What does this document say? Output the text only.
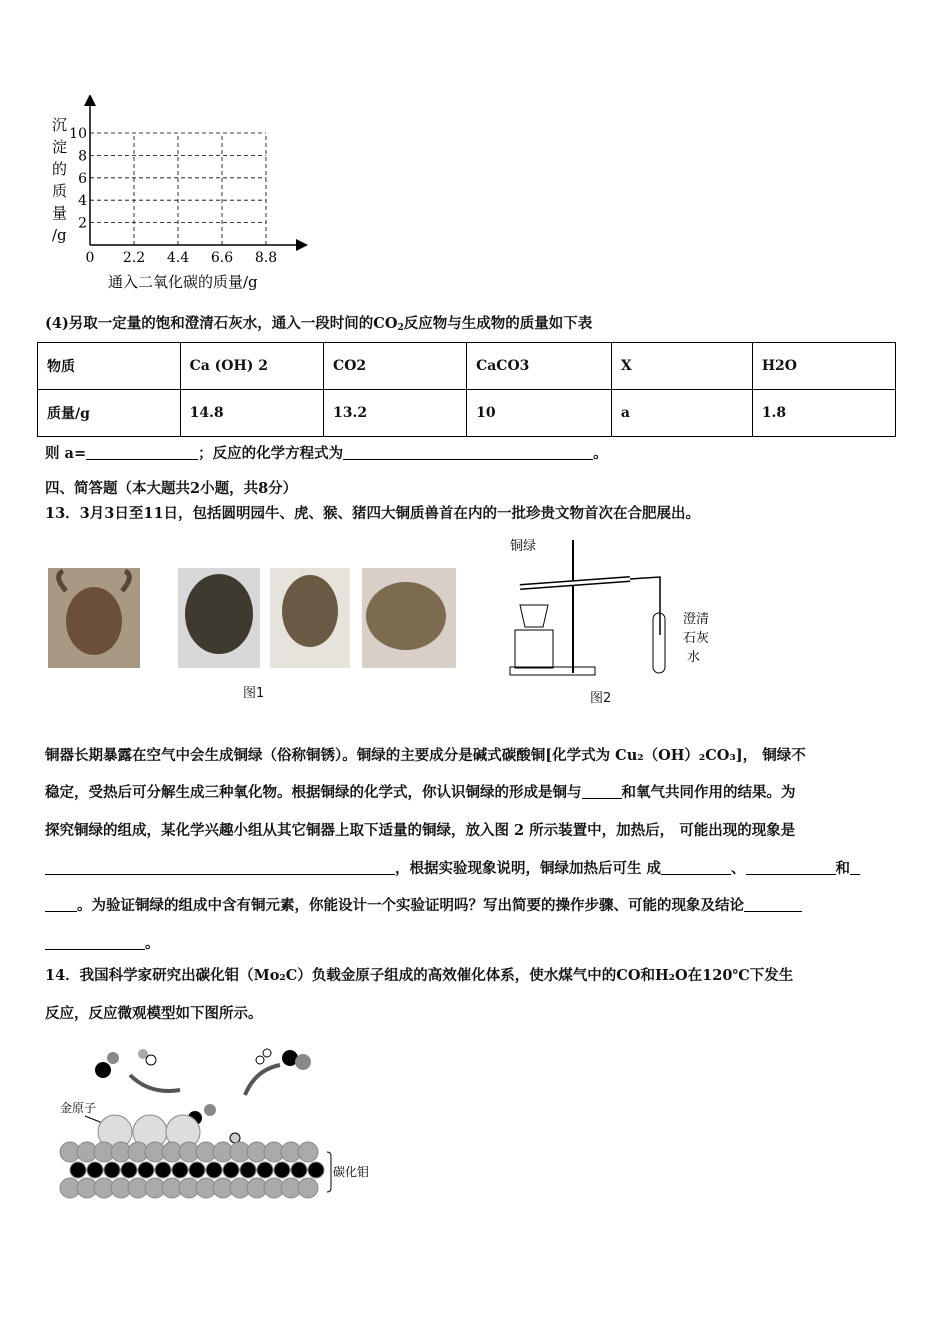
2
4
6
8
10
0 2.2 4.4 6.6 8.8
沉
淀
的
质
量
/g
通入二氧化碳的质量/g
(4)另取一定量的饱和澄清石灰水，通入一段时间的$CO_2$反应物与生成物的质量如下表
物质	Ca (OH) 2	CO2	CaCO3	X	H2O
质量/g	14.8	13.2	10	a	1.8
则 a=	；反应的化学方程式为	。
四、简答题（本大题共2小题，共8分）
13．3月3日至11日，包括圆明园牛、虎、猴、猪四大铜质兽首在内的一批珍贵文物首次在合肥展出。
图1
铜绿
澄清
石灰
水
图2
铜器长期暴露在空气中会生成铜绿（俗称铜锈）。铜绿的主要成分是碱式碳酸铜[化学式为 Cu₂（OH）₂CO₃]， 铜绿不
稳定，受热后可分解生成三种氧化物。根据铜绿的化学式，你认识铜绿的形成是铜与	和氧气共同作用的结果。为
探究铜绿的组成，某化学兴趣小组从其它铜器上取下适量的铜绿，放入图 2 所示装置中，加热后， 可能出现的现象是
，根据实验现象说明，铜绿加热后可生 成	、	和
。为验证铜绿的组成中含有铜元素，你能设计一个实验证明吗？写出简要的操作步骤、可能的现象及结论
。
14．我国科学家研究出碳化钼（Mo₂C）负载金原子组成的高效催化体系，使水煤气中的CO和H₂O在120℃下发生
反应，反应微观模型如下图所示。
金原子
碳化钼
